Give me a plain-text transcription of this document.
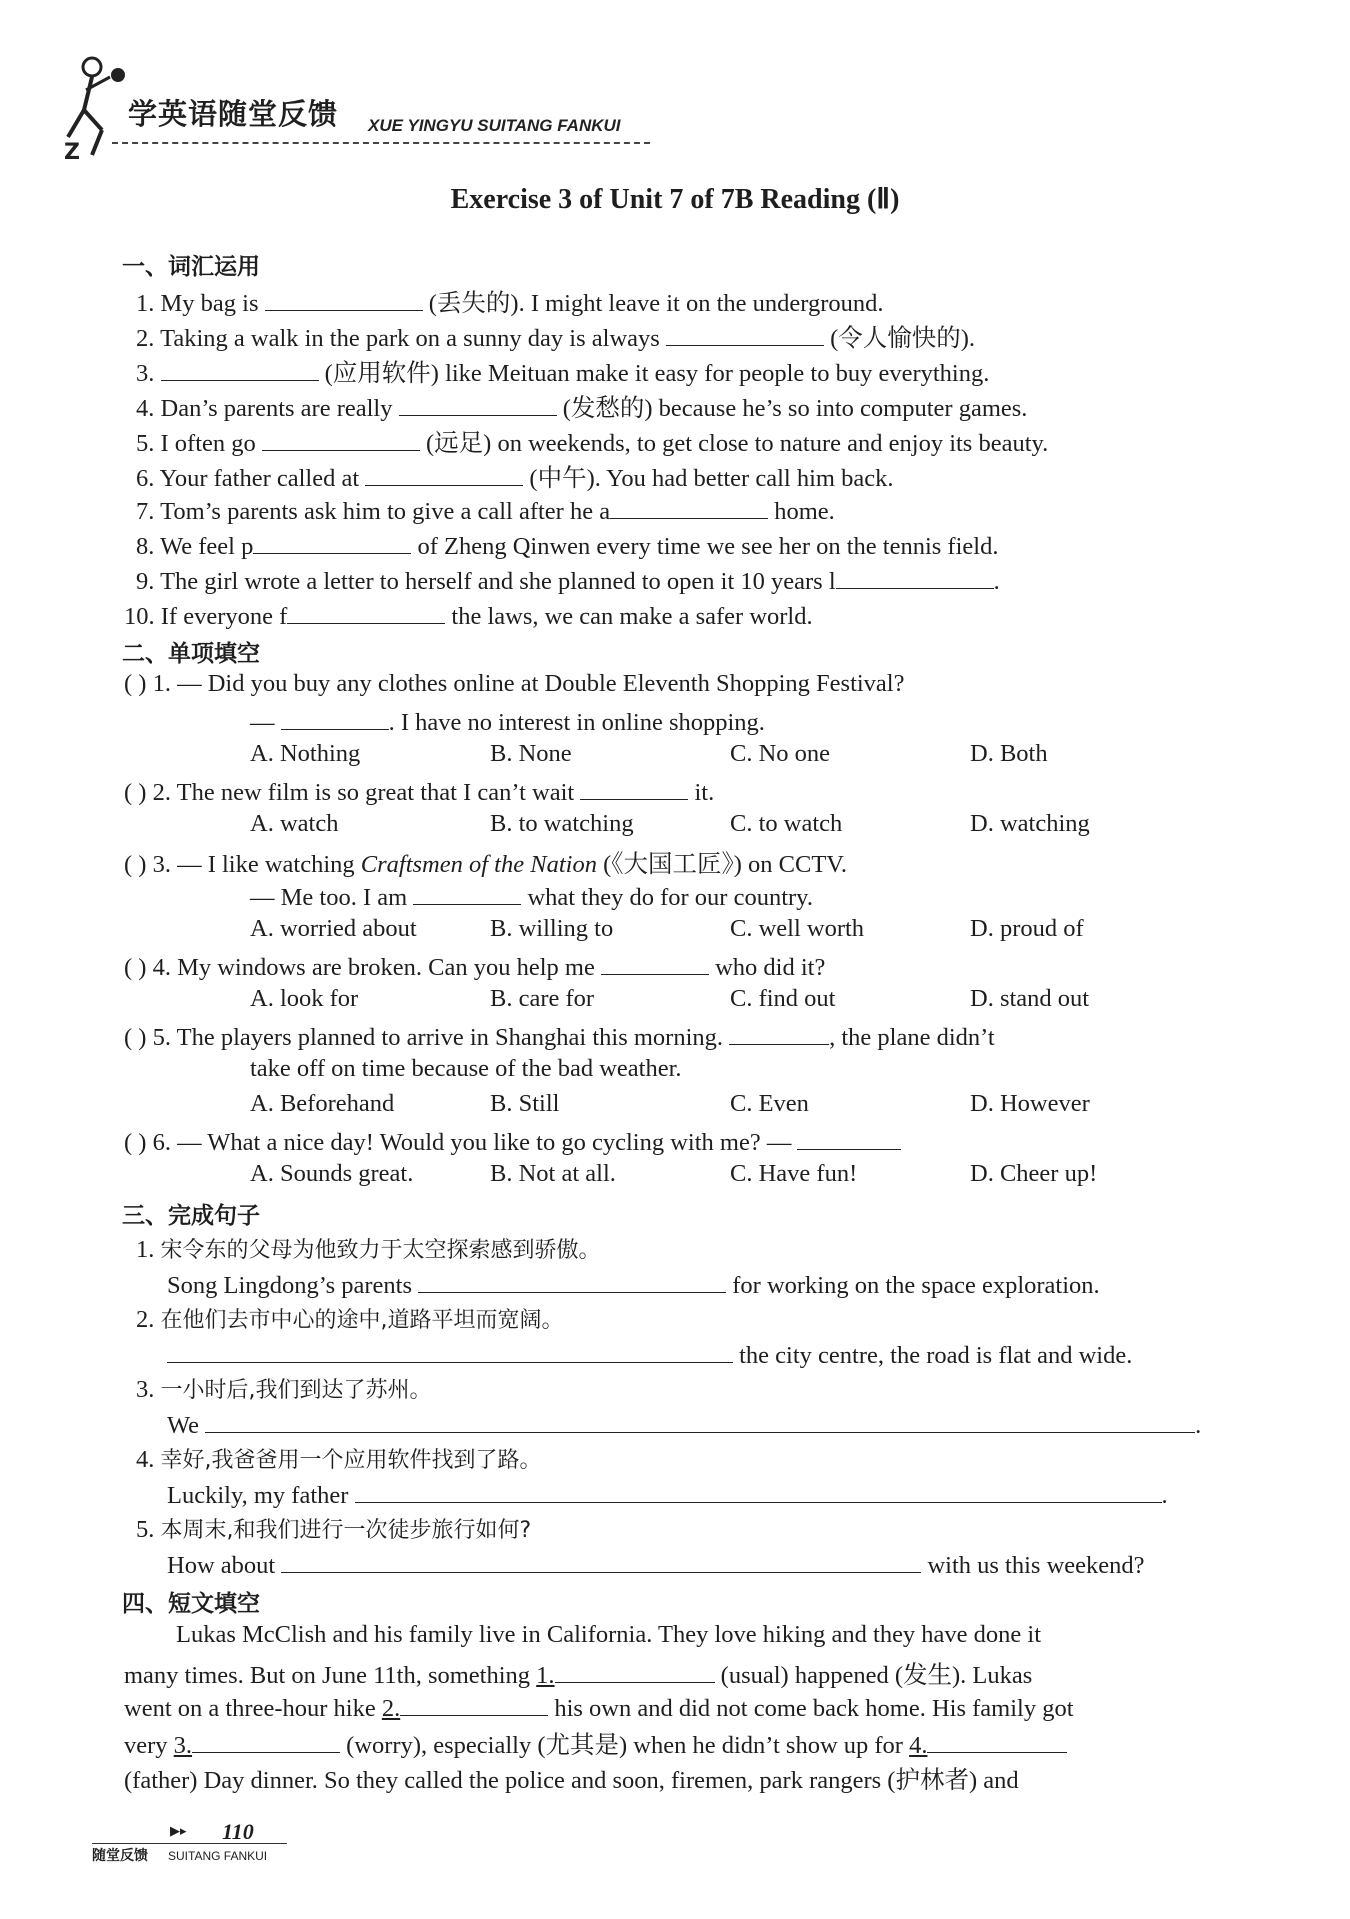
Z
学英语随堂反馈 XUE YINGYU SUITANG FANKUI
Exercise 3 of Unit 7 of 7B Reading (Ⅱ)
一、词汇运用
1. My bag is	(丢失的). I might leave it on the underground.
2. Taking a walk in the park on a sunny day is always	(令人愉快的).
3.	(应用软件) like Meituan make it easy for people to buy everything.
4. Dan’s parents are really	(发愁的) because he’s so into computer games.
5. I often go	(远足) on weekends, to get close to nature and enjoy its beauty.
6. Your father called at	(中午). You had better call him back.
7. Tom’s parents ask him to give a call after he a	home.
8. We feel p	of Zheng Qinwen every time we see her on the tennis field.
9. The girl wrote a letter to herself and she planned to open it 10 years l	.
10. If everyone f	the laws, we can make a safer world.
二、单项填空
( ) 1. — Did you buy any clothes online at Double Eleventh Shopping Festival?
—	. I have no interest in online shopping.
A. Nothing	B. None	C. No one	D. Both
( ) 2. The new film is so great that I can’t wait	it.
A. watch	B. to watching	C. to watch	D. watching
( ) 3. — I like watching Craftsmen of the Nation (《大国工匠》) on CCTV.
— Me too. I am	what they do for our country.
A. worried about	B. willing to	C. well worth	D. proud of
( ) 4. My windows are broken. Can you help me	who did it?
A. look for	B. care for	C. find out	D. stand out
( ) 5. The players planned to arrive in Shanghai this morning.	, the plane didn’t
take off on time because of the bad weather.
A. Beforehand	B. Still	C. Even	D. However
( ) 6. — What a nice day! Would you like to go cycling with me? —
A. Sounds great.	B. Not at all.	C. Have fun!	D. Cheer up!
三、完成句子
1. 宋令东的父母为他致力于太空探索感到骄傲。
Song Lingdong’s parents	for working on the space exploration.
2. 在他们去市中心的途中,道路平坦而宽阔。
the city centre, the road is flat and wide.
3. 一小时后,我们到达了苏州。
We	.
4. 幸好,我爸爸用一个应用软件找到了路。
Luckily, my father	.
5. 本周末,和我们进行一次徒步旅行如何?
How about	with us this weekend?
四、短文填空
Lukas McClish and his family live in California. They love hiking and they have done it
many times. But on June 11th, something 1.	(usual) happened (发生). Lukas
went on a three-hour hike 2.	his own and did not come back home. His family got
very 3.	(worry), especially (尤其是) when he didn’t show up for 4.
(father) Day dinner. So they called the police and soon, firemen, park rangers (护林者) and
▶▸ 110
随堂反馈 SUITANG FANKUI
